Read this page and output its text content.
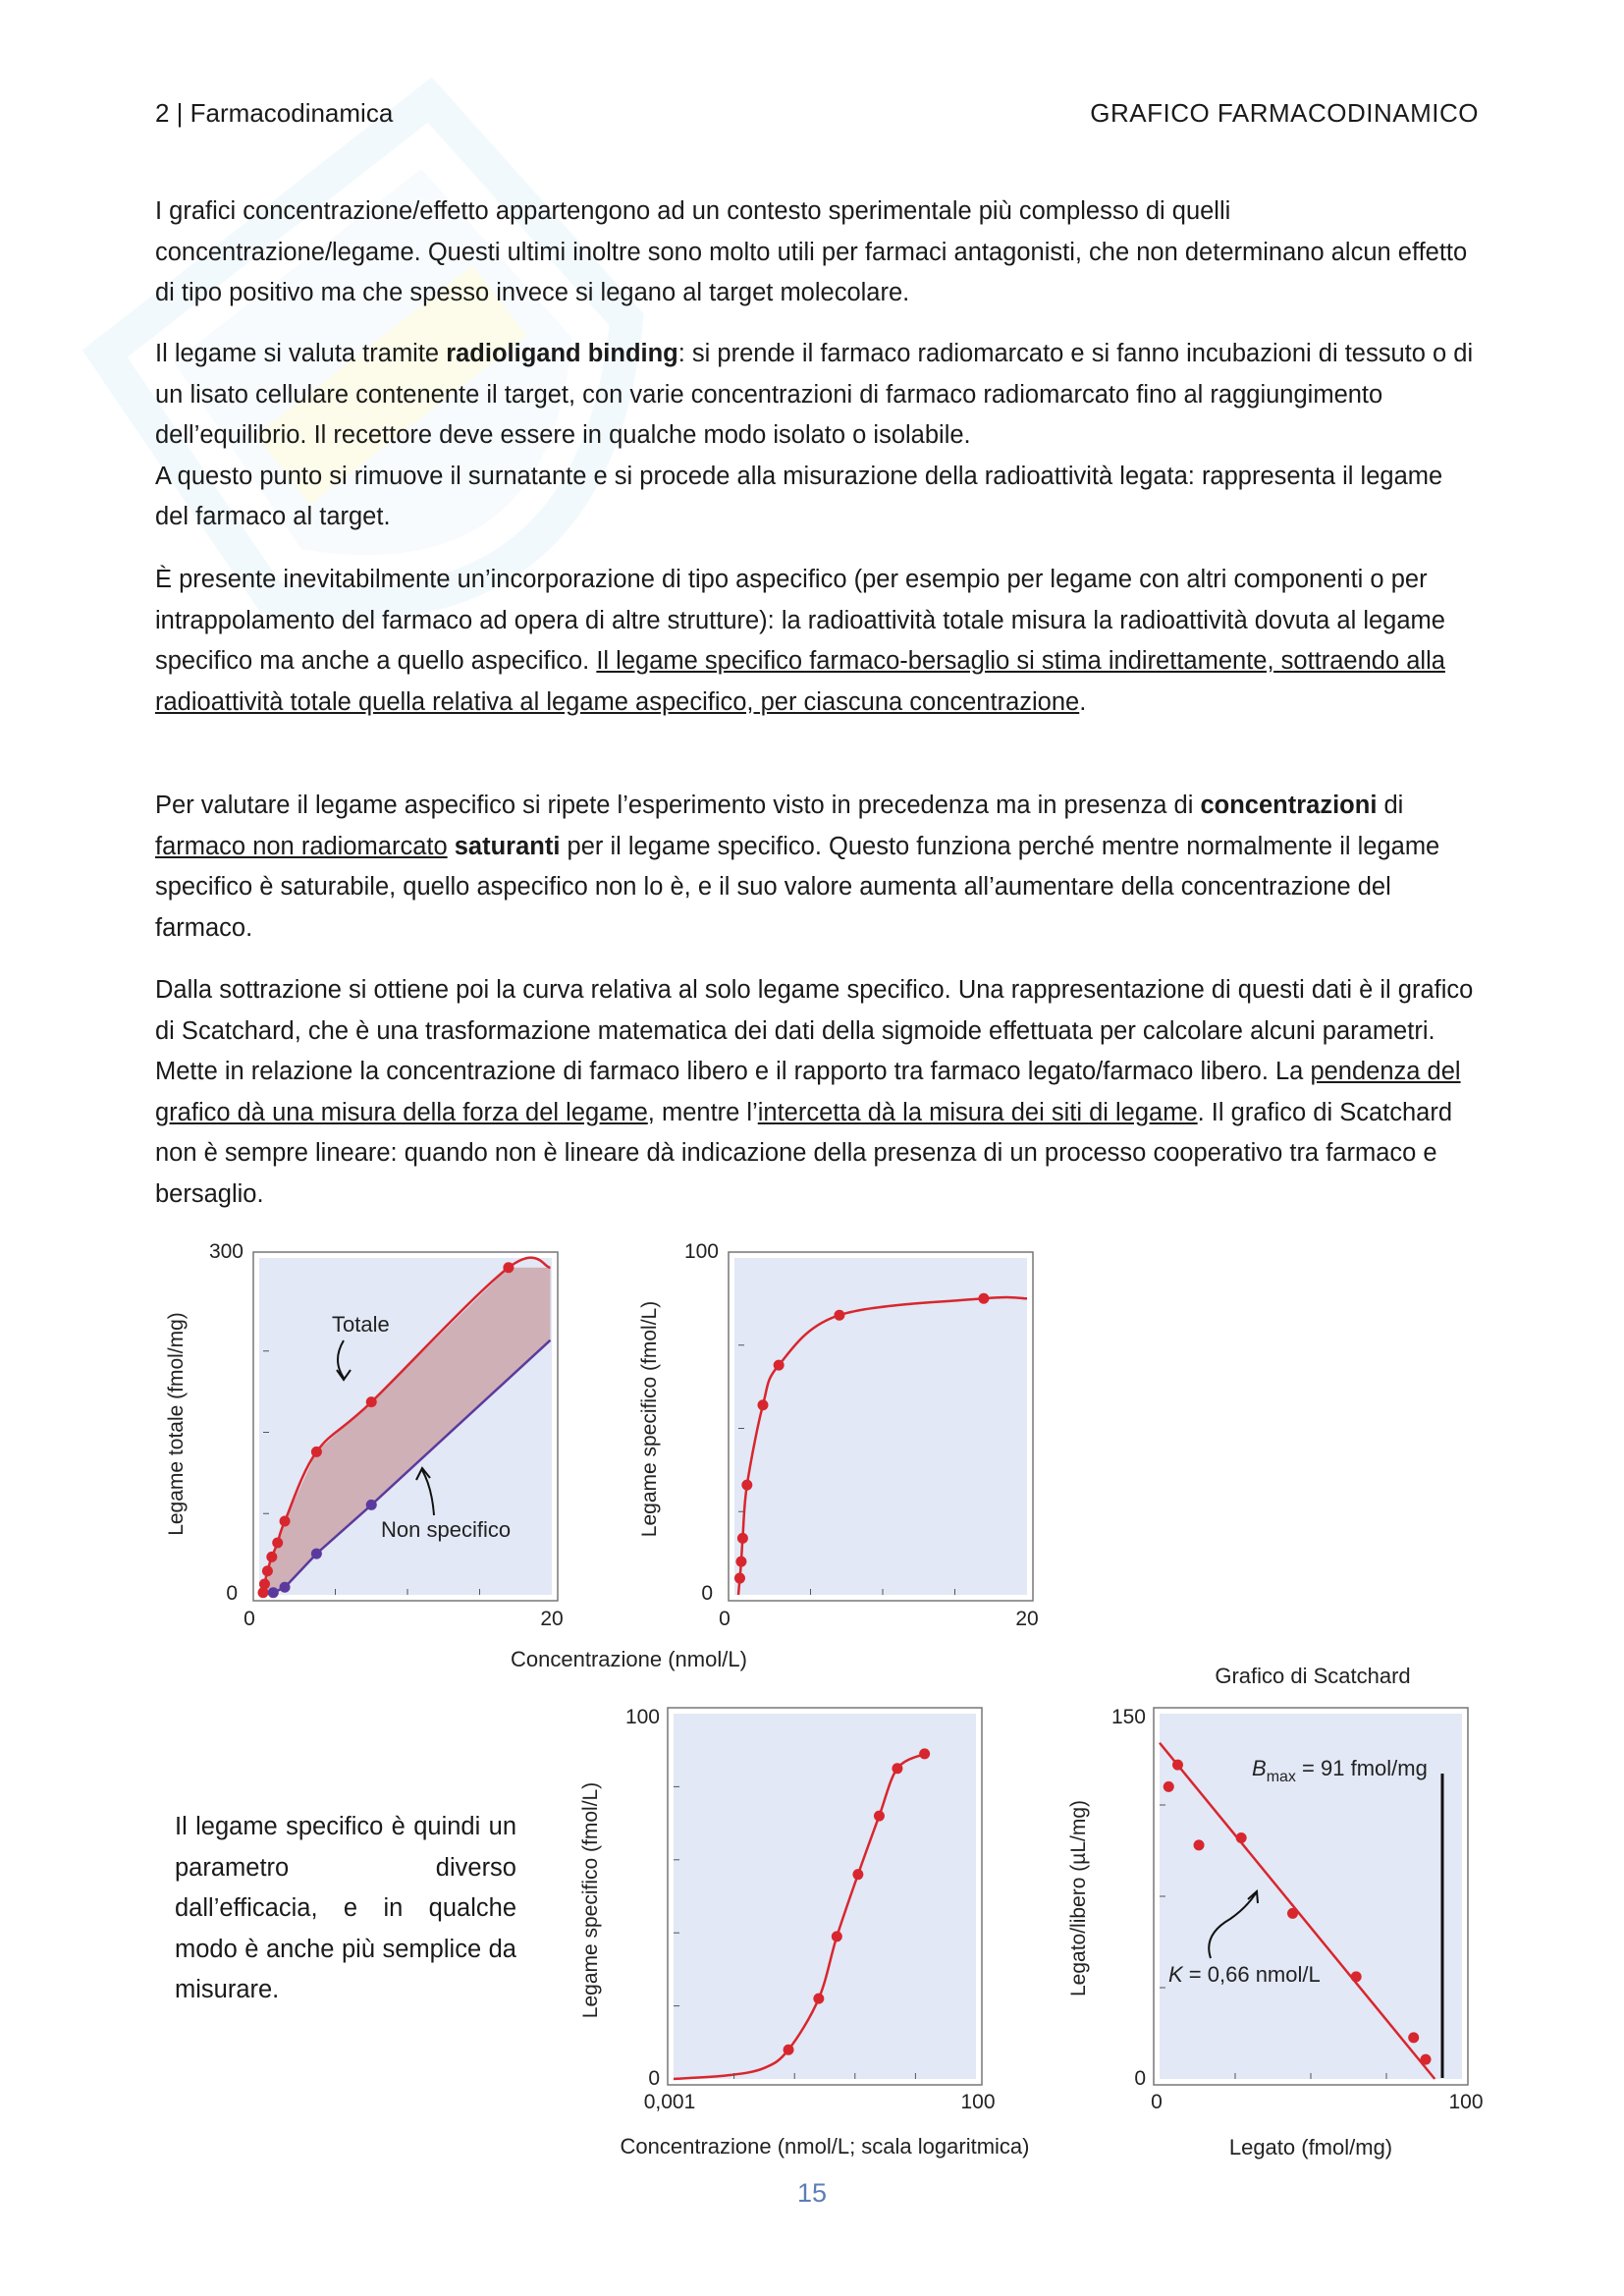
2 | Farmacodinamica	GRAFICO FARMACODINAMICO

I grafici concentrazione/effetto appartengono ad un contesto sperimentale più complesso di quelli concentrazione/legame. Questi ultimi inoltre sono molto utili per farmaci antagonisti, che non determinano alcun effetto di tipo positivo ma che spesso invece si legano al target molecolare.

Il legame si valuta tramite radioligand binding: si prende il farmaco radiomarcato e si fanno incubazioni di tessuto o di un lisato cellulare contenente il target, con varie concentrazioni di farmaco radiomarcato fino al raggiungimento dell’equilibrio. Il recettore deve essere in qualche modo isolato o isolabile.

A questo punto si rimuove il surnatante e si procede alla misurazione della radioattività legata: rappresenta il legame del farmaco al target.

È presente inevitabilmente un’incorporazione di tipo aspecifico (per esempio per legame con altri componenti o per intrappolamento del farmaco ad opera di altre strutture): la radioattività totale misura la radioattività dovuta al legame specifico ma anche a quello aspecifico. Il legame specifico farmaco-bersaglio si stima indirettamente, sottraendo alla radioattività totale quella relativa al legame aspecifico, per ciascuna concentrazione.

Per valutare il legame aspecifico si ripete l’esperimento visto in precedenza ma in presenza di concentrazioni di farmaco non radiomarcato saturanti per il legame specifico. Questo funziona perché mentre normalmente il legame specifico è saturabile, quello aspecifico non lo è, e il suo valore aumenta all’aumentare della concentrazione del farmaco.

Dalla sottrazione si ottiene poi la curva relativa al solo legame specifico. Una rappresentazione di questi dati è il grafico di Scatchard, che è una trasformazione matematica dei dati della sigmoide effettuata per calcolare alcuni parametri. Mette in relazione la concentrazione di farmaco libero e il rapporto tra farmaco legato/farmaco libero. La pendenza del grafico dà una misura della forza del legame, mentre l’intercetta dà la misura dei siti di legame. Il grafico di Scatchard non è sempre lineare: quando non è lineare dà indicazione della presenza di un processo cooperativo tra farmaco e bersaglio.

300
0
0	20
Legame totale (fmol/mg)	Totale
Non specifico
100
0
0	20
Legame specifico (fmol/L)
Concentrazione (nmol/L)
Il legame specifico è quindi un parametro diverso dall’efficacia, e in qualche modo è anche più semplice da misurare.
100
0
0,001	100
Legame specifico (fmol/L)
Concentrazione (nmol/L; scala logaritmica)
Grafico di Scatchard
150
0
0	100
Legato/libero (µL/mg)
Legato (fmol/mg)
$B_{max} = 91$ fmol/mg
K = 0,66 nmol/L
15
